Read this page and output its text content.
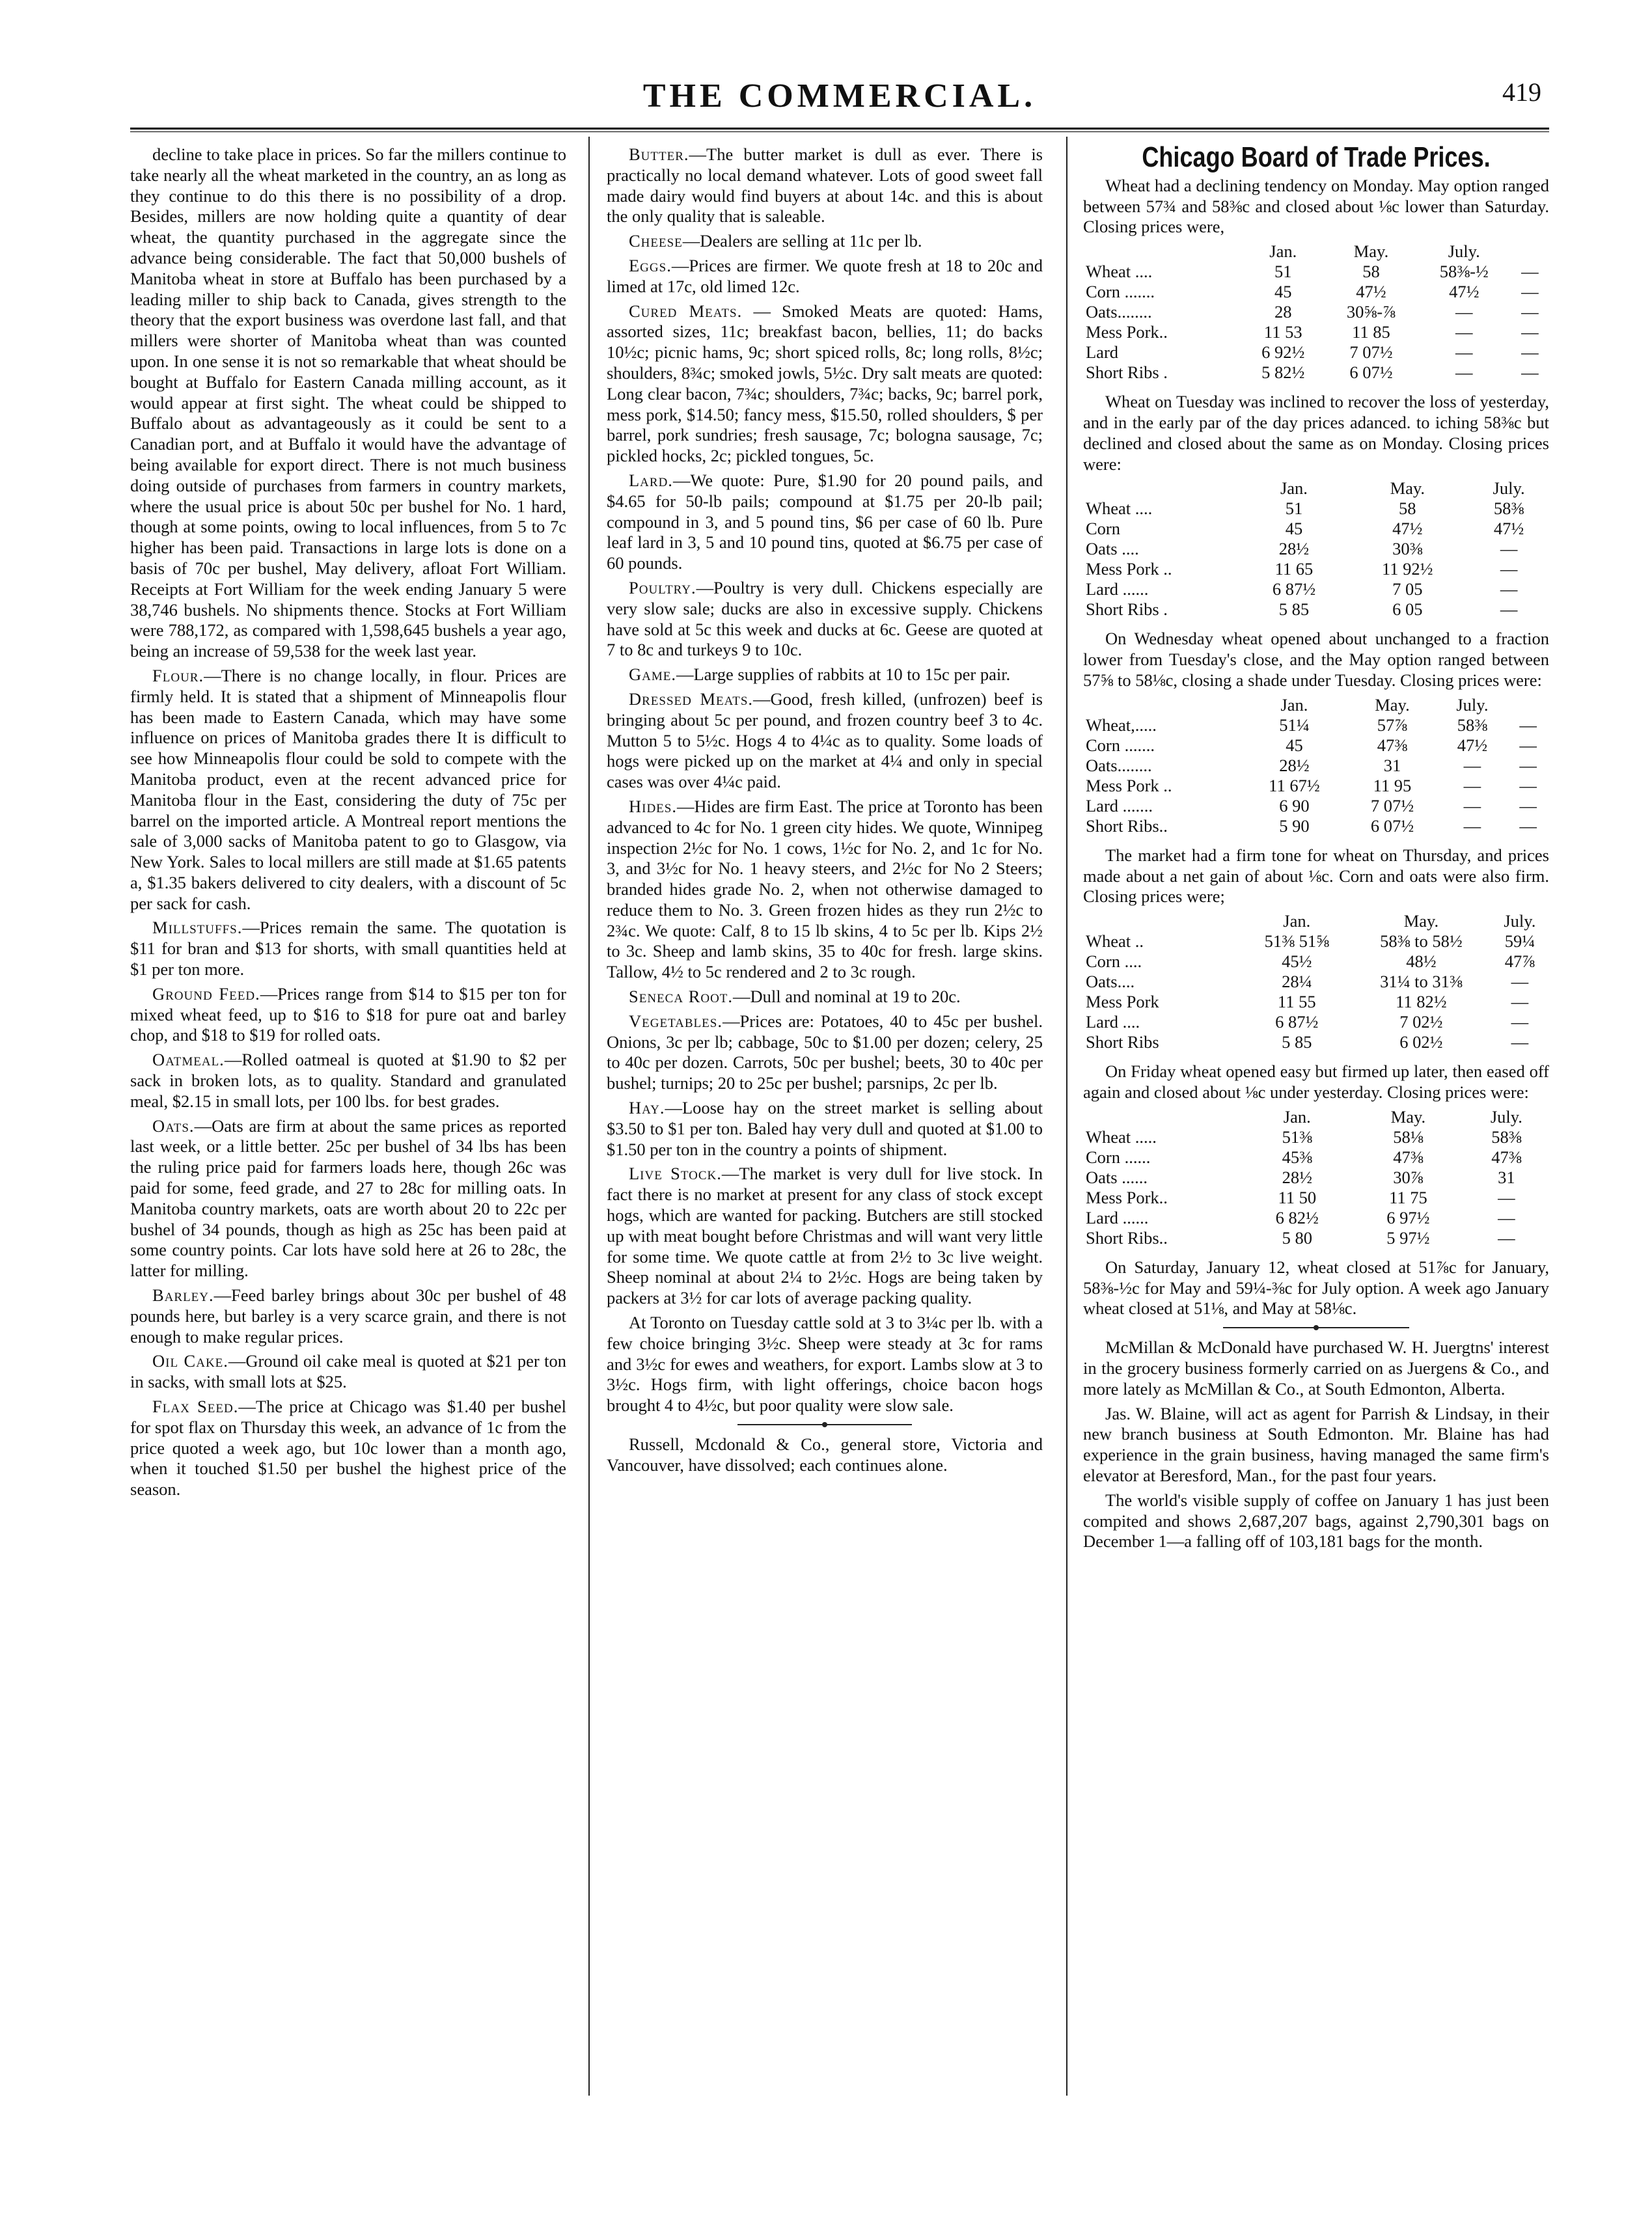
THE COMMERCIAL.	419

decline to take place in prices. So far the millers continue to take nearly all the wheat marketed in the country, an as long as they continue to do this there is no possibility of a drop. Besides, millers are now holding quite a quantity of dear wheat, the quantity purchased in the aggregate since the advance being considerable. The fact that 50,000 bushels of Manitoba wheat in store at Buffalo has been purchased by a leading miller to ship back to Canada, gives strength to the theory that the export business was overdone last fall, and that millers were shorter of Manitoba wheat than was counted upon. In one sense it is not so remarkable that wheat should be bought at Buffalo for Eastern Canada milling account, as it would appear at first sight. The wheat could be shipped to Buffalo about as advantageously as it could be sent to a Canadian port, and at Buffalo it would have the advantage of being available for export direct. There is not much business doing outside of purchases from farmers in country markets, where the usual price is about 50c per bushel for No. 1 hard, though at some points, owing to local influences, from 5 to 7c higher has been paid. Transactions in large lots is done on a basis of 70c per bushel, May delivery, afloat Fort William. Receipts at Fort William for the week ending January 5 were 38,746 bushels. No shipments thence. Stocks at Fort William were 788,172, as compared with 1,598,645 bushels a year ago, being an increase of 59,538 for the week last year.

Flour.—There is no change locally, in flour. Prices are firmly held. It is stated that a shipment of Minneapolis flour has been made to Eastern Canada, which may have some influence on prices of Manitoba grades there It is difficult to see how Minneapolis flour could be sold to compete with the Manitoba product, even at the recent advanced price for Manitoba flour in the East, considering the duty of 75c per barrel on the imported article. A Montreal report mentions the sale of 3,000 sacks of Manitoba patent to go to Glasgow, via New York. Sales to local millers are still made at $1.65 patents a, $1.35 bakers delivered to city dealers, with a discount of 5c per sack for cash.

Millstuffs.—Prices remain the same. The quotation is $11 for bran and $13 for shorts, with small quantities held at $1 per ton more.

Ground Feed.—Prices range from $14 to $15 per ton for mixed wheat feed, up to $16 to $18 for pure oat and barley chop, and $18 to $19 for rolled oats.

Oatmeal.—Rolled oatmeal is quoted at $1.90 to $2 per sack in broken lots, as to quality. Standard and granulated meal, $2.15 in small lots, per 100 lbs. for best grades.

Oats.—Oats are firm at about the same prices as reported last week, or a little better. 25c per bushel of 34 lbs has been the ruling price paid for farmers loads here, though 26c was paid for some, feed grade, and 27 to 28c for milling oats. In Manitoba country markets, oats are worth about 20 to 22c per bushel of 34 pounds, though as high as 25c has been paid at some country points. Car lots have sold here at 26 to 28c, the latter for milling.

Barley.—Feed barley brings about 30c per bushel of 48 pounds here, but barley is a very scarce grain, and there is not enough to make regular prices.

Oil Cake.—Ground oil cake meal is quoted at $21 per ton in sacks, with small lots at $25.

Flax Seed.—The price at Chicago was $1.40 per bushel for spot flax on Thursday this week, an advance of 1c from the price quoted a week ago, but 10c lower than a month ago, when it touched $1.50 per bushel the highest price of the season.

Butter.—The butter market is dull as ever. There is practically no local demand whatever. Lots of good sweet fall made dairy would find buyers at about 14c. and this is about the only quality that is saleable.

Cheese—Dealers are selling at 11c per lb.

Eggs.—Prices are firmer. We quote fresh at 18 to 20c and limed at 17c, old limed 12c.

Cured Meats. — Smoked Meats are quoted: Hams, assorted sizes, 11c; breakfast bacon, bellies, 11; do backs 10½c; picnic hams, 9c; short spiced rolls, 8c; long rolls, 8½c; shoulders, 8¾c; smoked jowls, 5½c. Dry salt meats are quoted: Long clear bacon, 7¾c; shoulders, 7¾c; backs, 9c; barrel pork, mess pork, $14.50; fancy mess, $15.50, rolled shoulders, $ per barrel, pork sundries; fresh sausage, 7c; bologna sausage, 7c; pickled hocks, 2c; pickled tongues, 5c.

Lard.—We quote: Pure, $1.90 for 20 pound pails, and $4.65 for 50-lb pails; compound at $1.75 per 20-lb pail; compound in 3, and 5 pound tins, $6 per case of 60 lb. Pure leaf lard in 3, 5 and 10 pound tins, quoted at $6.75 per case of 60 pounds.

Poultry.—Poultry is very dull. Chickens especially are very slow sale; ducks are also in excessive supply. Chickens have sold at 5c this week and ducks at 6c. Geese are quoted at 7 to 8c and turkeys 9 to 10c.

Game.—Large supplies of rabbits at 10 to 15c per pair.

Dressed Meats.—Good, fresh killed, (unfrozen) beef is bringing about 5c per pound, and frozen country beef 3 to 4c. Mutton 5 to 5½c. Hogs 4 to 4¼c as to quality. Some loads of hogs were picked up on the market at 4¼ and only in special cases was over 4¼c paid.

Hides.—Hides are firm East. The price at Toronto has been advanced to 4c for No. 1 green city hides. We quote, Winnipeg inspection 2½c for No. 1 cows, 1½c for No. 2, and 1c for No. 3, and 3½c for No. 1 heavy steers, and 2½c for No 2 Steers; branded hides grade No. 2, when not otherwise damaged to reduce them to No. 3. Green frozen hides as they run 2½c to 2¾c. We quote: Calf, 8 to 15 lb skins, 4 to 5c per lb. Kips 2½ to 3c. Sheep and lamb skins, 35 to 40c for fresh. large skins. Tallow, 4½ to 5c rendered and 2 to 3c rough.

Seneca Root.—Dull and nominal at 19 to 20c.

Vegetables.—Prices are: Potatoes, 40 to 45c per bushel. Onions, 3c per lb; cabbage, 50c to $1.00 per dozen; celery, 25 to 40c per dozen. Carrots, 50c per bushel; beets, 30 to 40c per bushel; turnips; 20 to 25c per bushel; parsnips, 2c per lb.

Hay.—Loose hay on the street market is selling about $3.50 to $1 per ton. Baled hay very dull and quoted at $1.00 to $1.50 per ton in the country a points of shipment.

Live Stock.—The market is very dull for live stock. In fact there is no market at present for any class of stock except hogs, which are wanted for packing. Butchers are still stocked up with meat bought before Christmas and will want very little for some time. We quote cattle at from 2½ to 3c live weight. Sheep nominal at about 2¼ to 2½c. Hogs are being taken by packers at 3½ for car lots of average packing quality.

At Toronto on Tuesday cattle sold at 3 to 3¼c per lb. with a few choice bringing 3½c. Sheep were steady at 3c for rams and 3½c for ewes and weathers, for export. Lambs slow at 3 to 3½c. Hogs firm, with light offerings, choice bacon hogs brought 4 to 4½c, but poor quality were slow sale.

Russell, Mcdonald & Co., general store, Victoria and Vancouver, have dissolved; each continues alone.

Chicago Board of Trade Prices.

Wheat had a declining tendency on Monday. May option ranged between 57¾ and 58⅜c and closed about ⅛c lower than Saturday. Closing prices were,

	Jan.	May.	July.	
Wheat ....	51	58	58⅜-½	—
Corn .......	45	47½	47½	—
Oats........	28	30⅝-⅞	—	—
Mess Pork..	11 53	11 85	—	—
Lard	6 92½	7 07½	—	—
Short Ribs .	5 82½	6 07½	—	—

Wheat on Tuesday was inclined to recover the loss of yesterday, and in the early par of the day prices adanced. to iching 58⅜c but declined and closed about the same as on Monday. Closing prices were:

	Jan.	May.	July.
Wheat ....	51	58	58⅜
Corn	45	47½	47½
Oats ....	28½	30⅜	—
Mess Pork ..	11 65	11 92½	—
Lard ......	6 87½	7 05	—
Short Ribs .	5 85	6 05	—

On Wednesday wheat opened about unchanged to a fraction lower from Tuesday's close, and the May option ranged between 57⅝ to 58⅛c, closing a shade under Tuesday. Closing prices were:

	Jan.	May.	July.	
Wheat,.....	51¼	57⅞	58⅜	—
Corn .......	45	47⅜	47½	—
Oats........	28½	31	—	—
Mess Pork ..	11 67½	11 95	—	—
Lard .......	6 90	7 07½	—	—
Short Ribs..	5 90	6 07½	—	—

The market had a firm tone for wheat on Thursday, and prices made about a net gain of about ⅛c. Corn and oats were also firm. Closing prices were;

	Jan.	May.	July.
Wheat ..	51⅜ 51⅝	58⅜ to 58½	59¼
Corn ....	45½	48½	47⅞
Oats....	28¼	31¼ to 31⅜	—
Mess Pork	11 55	11 82½	—
Lard ....	6 87½	7 02½	—
Short Ribs	5 85	6 02½	—

On Friday wheat opened easy but firmed up later, then eased off again and closed about ⅛c under yesterday. Closing prices were:

	Jan.	May.	July.
Wheat .....	51⅜	58⅛	58⅜
Corn ......	45⅜	47⅜	47⅜
Oats ......	28½	30⅞	31
Mess Pork..	11 50	11 75	—
Lard ......	6 82½	6 97½	—
Short Ribs..	5 80	5 97½	—

On Saturday, January 12, wheat closed at 51⅞c for January, 58⅜-½c for May and 59¼-⅜c for July option. A week ago January wheat closed at 51⅛, and May at 58⅛c.

McMillan & McDonald have purchased W. H. Juergtns' interest in the grocery business formerly carried on as Juergens & Co., and more lately as McMillan & Co., at South Edmonton, Alberta.

Jas. W. Blaine, will act as agent for Parrish & Lindsay, in their new branch business at South Edmonton. Mr. Blaine has had experience in the grain business, having managed the same firm's elevator at Beresford, Man., for the past four years.

The world's visible supply of coffee on January 1 has just been compited and shows 2,687,207 bags, against 2,790,301 bags on December 1—a falling off of 103,181 bags for the month.
